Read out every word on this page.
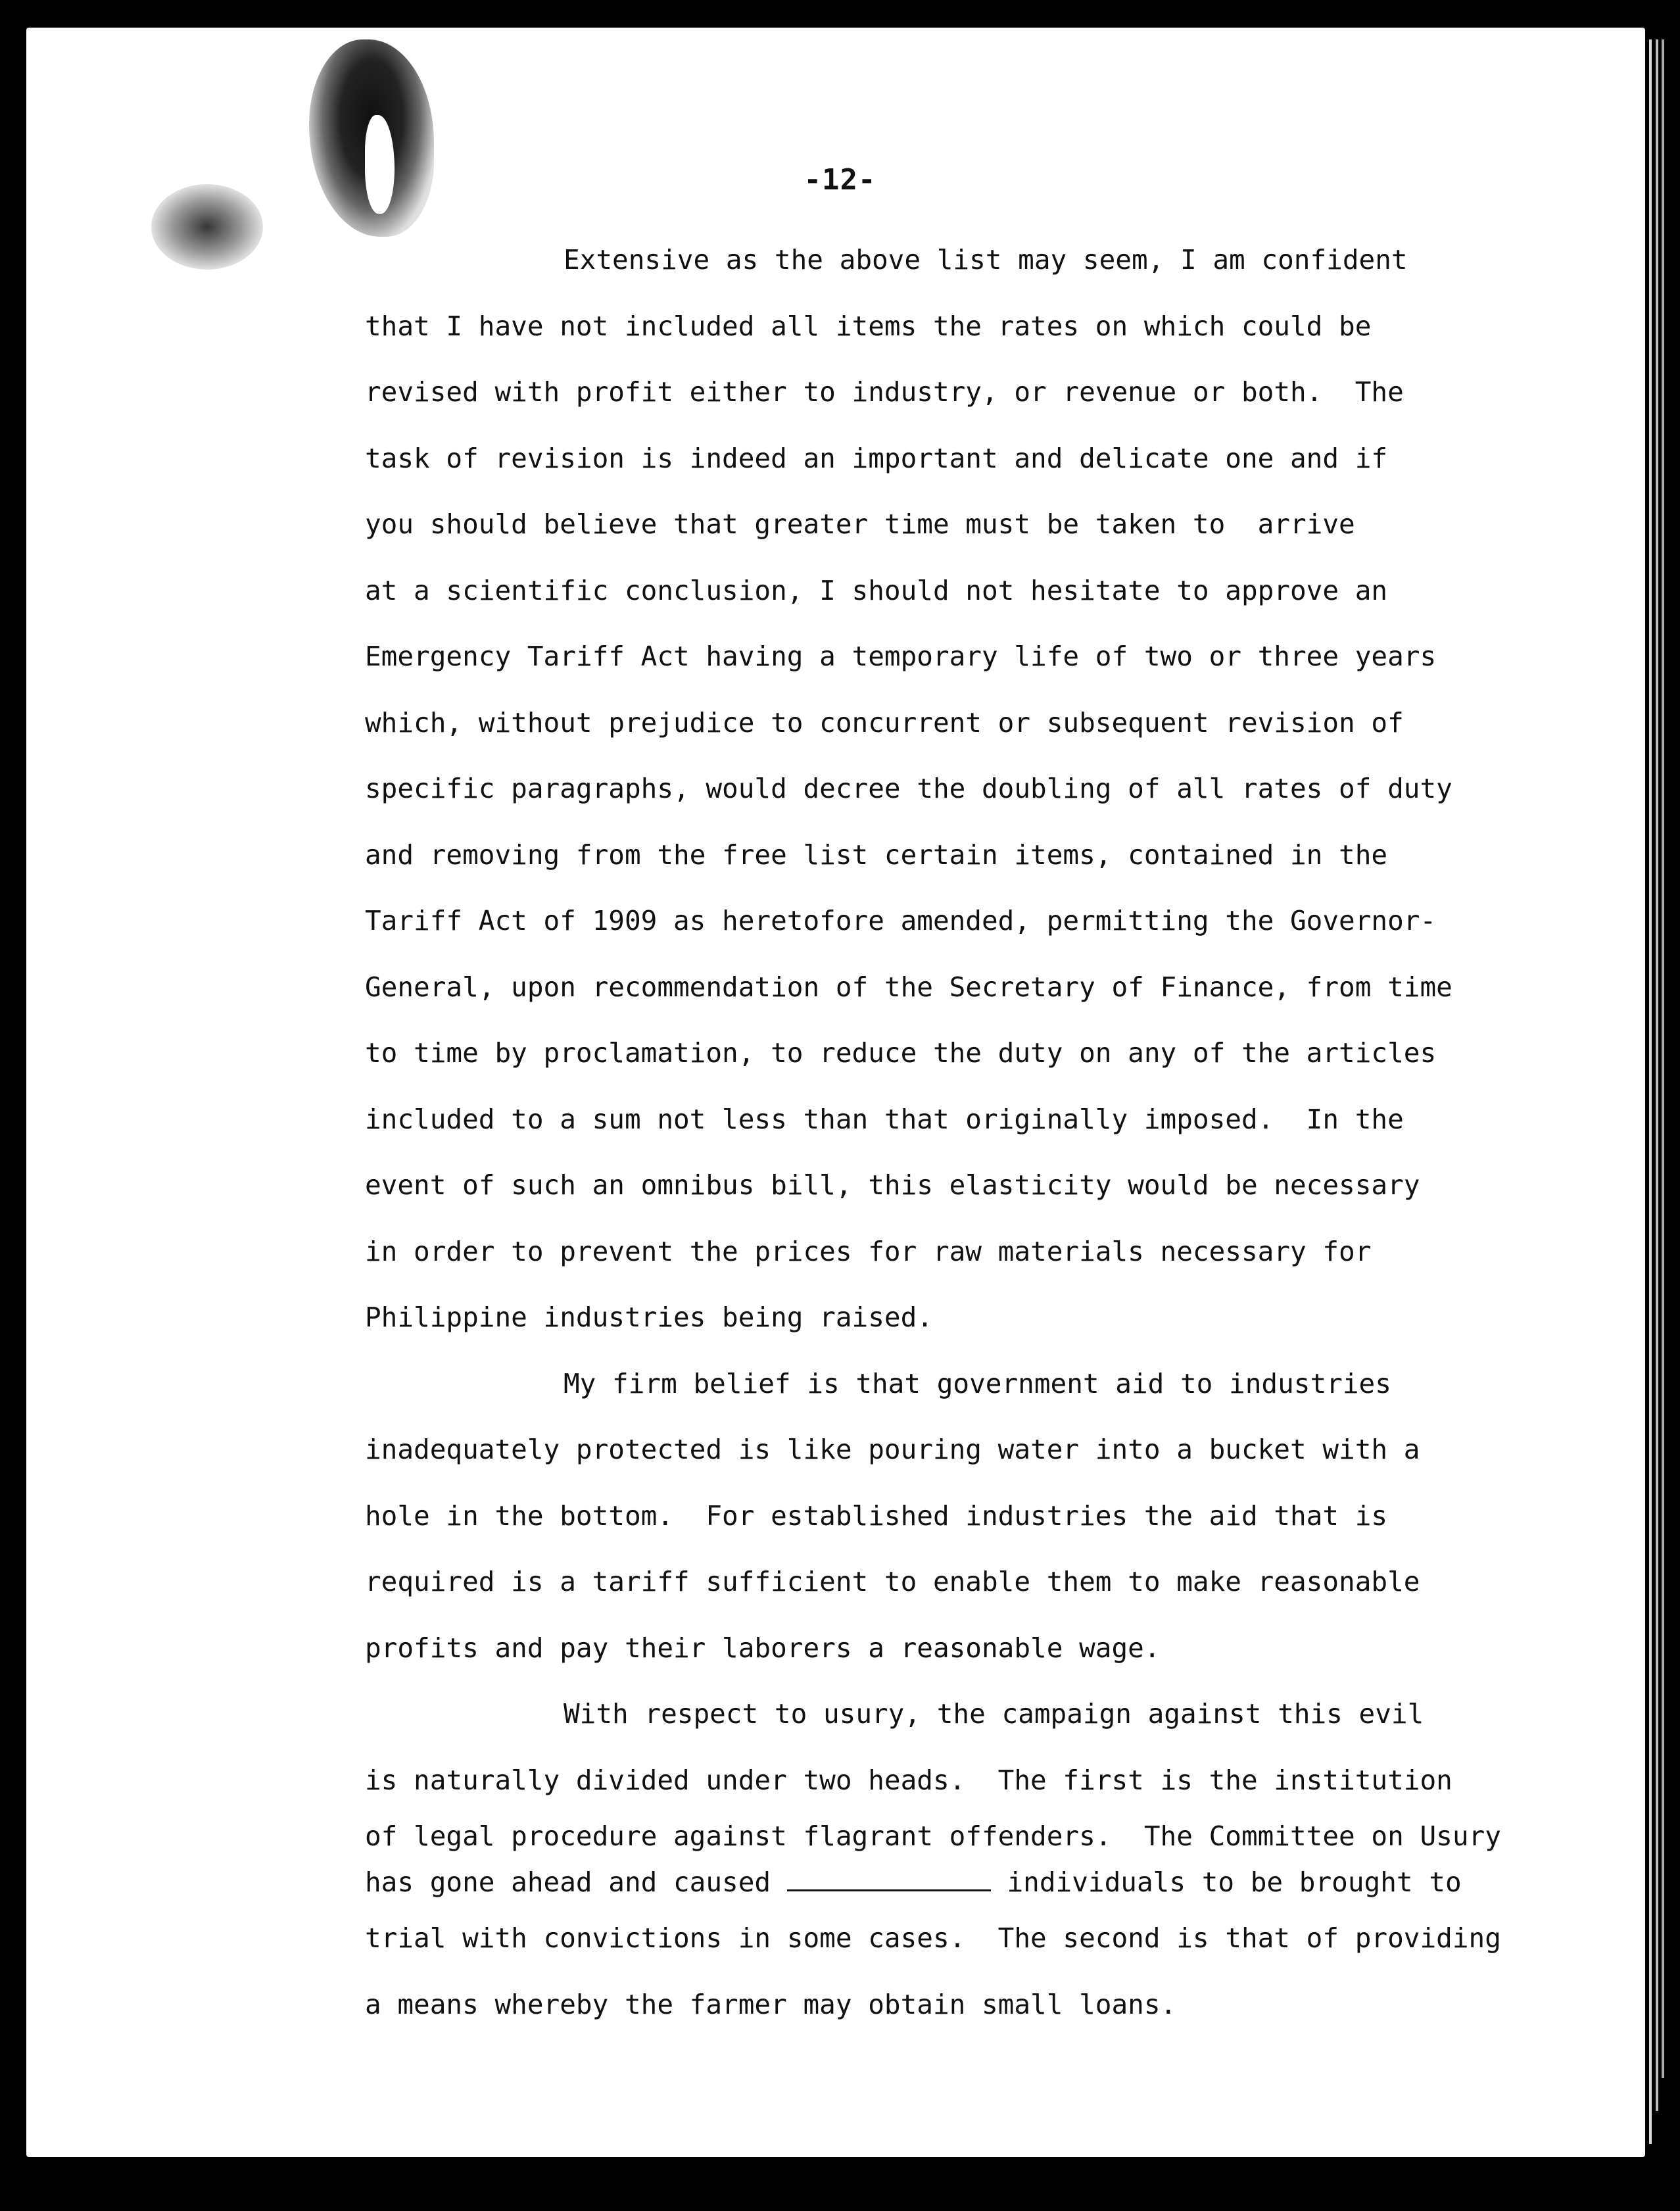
-12-
Extensive as the above list may seem, I am confident
that I have not included all items the rates on which could be
revised with profit either to industry, or revenue or both.  The
task of revision is indeed an important and delicate one and if
you should believe that greater time must be taken to  arrive
at a scientific conclusion, I should not hesitate to approve an
Emergency Tariff Act having a temporary life of two or three years
which, without prejudice to concurrent or subsequent revision of
specific paragraphs, would decree the doubling of all rates of duty
and removing from the free list certain items, contained in the
Tariff Act of 1909 as heretofore amended, permitting the Governor-
General, upon recommendation of the Secretary of Finance, from time
to time by proclamation, to reduce the duty on any of the articles
included to a sum not less than that originally imposed.  In the
event of such an omnibus bill, this elasticity would be necessary
in order to prevent the prices for raw materials necessary for
Philippine industries being raised.
My firm belief is that government aid to industries
inadequately protected is like pouring water into a bucket with a
hole in the bottom.  For established industries the aid that is
required is a tariff sufficient to enable them to make reasonable
profits and pay their laborers a reasonable wage.
With respect to usury, the campaign against this evil
is naturally divided under two heads.  The first is the institution
of legal procedure against flagrant offenders.  The Committee on Usury
has gone ahead and caused	individuals to be brought to
trial with convictions in some cases.  The second is that of providing
a means whereby the farmer may obtain small loans.
